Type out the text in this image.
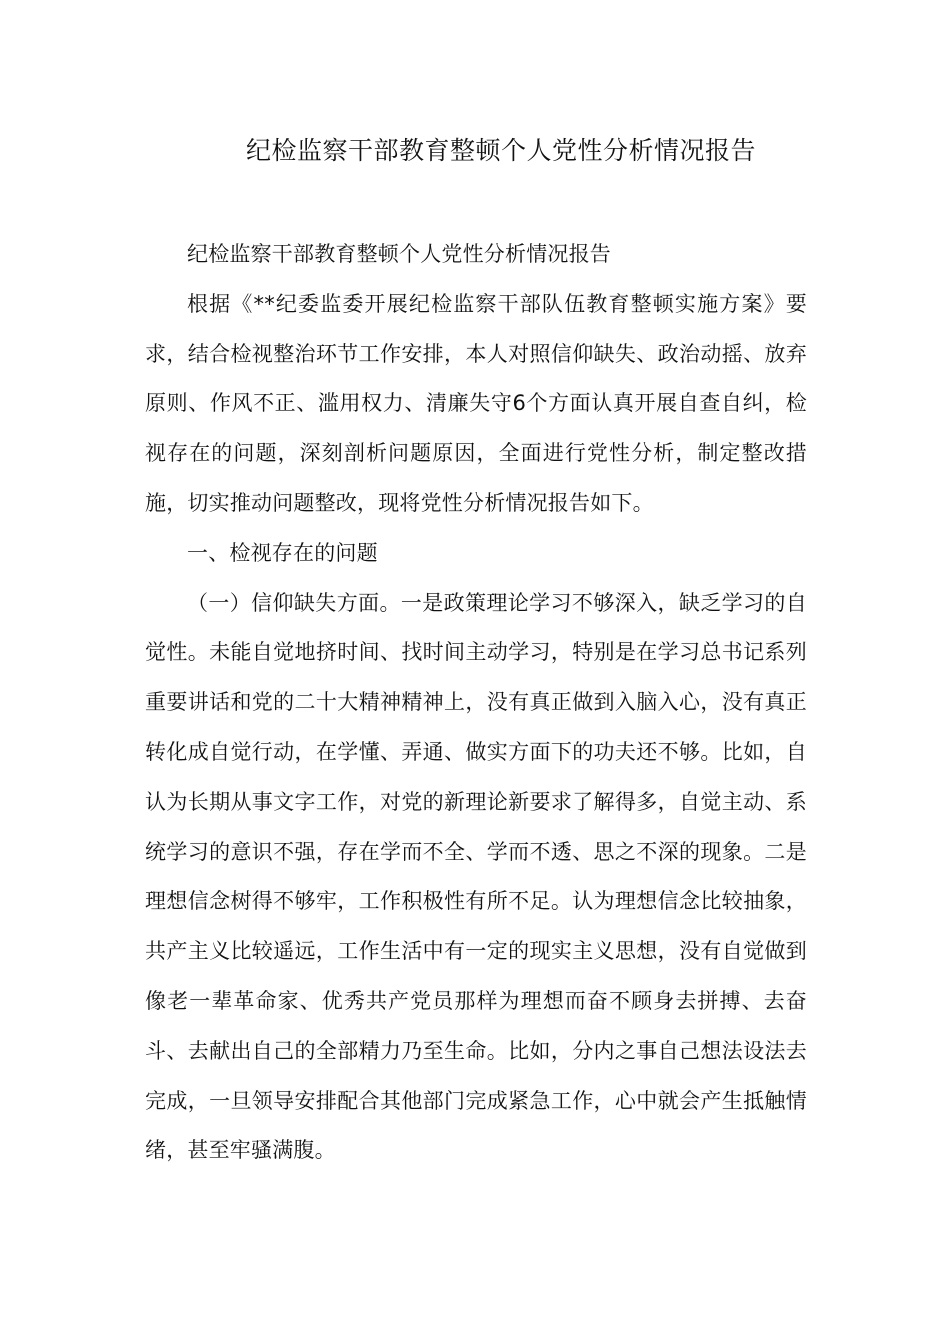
纪检监察干部教育整顿个人党性分析情况报告

纪检监察干部教育整顿个人党性分析情况报告

根据《**纪委监委开展纪检监察干部队伍教育整顿实施方案》要求，结合检视整治环节工作安排，本人对照信仰缺失、政治动摇、放弃原则、作风不正、滥用权力、清廉失守6个方面认真开展自查自纠，检视存在的问题，深刻剖析问题原因，全面进行党性分析，制定整改措施，切实推动问题整改，现将党性分析情况报告如下。

一、检视存在的问题

（一）信仰缺失方面。一是政策理论学习不够深入，缺乏学习的自觉性。未能自觉地挤时间、找时间主动学习，特别是在学习总书记系列重要讲话和党的二十大精神精神上，没有真正做到入脑入心，没有真正转化成自觉行动，在学懂、弄通、做实方面下的功夫还不够。比如，自认为长期从事文字工作，对党的新理论新要求了解得多，自觉主动、系统学习的意识不强，存在学而不全、学而不透、思之不深的现象。二是理想信念树得不够牢，工作积极性有所不足。认为理想信念比较抽象，共产主义比较遥远，工作生活中有一定的现实主义思想，没有自觉做到像老一辈革命家、优秀共产党员那样为理想而奋不顾身去拼搏、去奋斗、去献出自己的全部精力乃至生命。比如，分内之事自己想法设法去完成，一旦领导安排配合其他部门完成紧急工作，心中就会产生抵触情绪，甚至牢骚满腹。
